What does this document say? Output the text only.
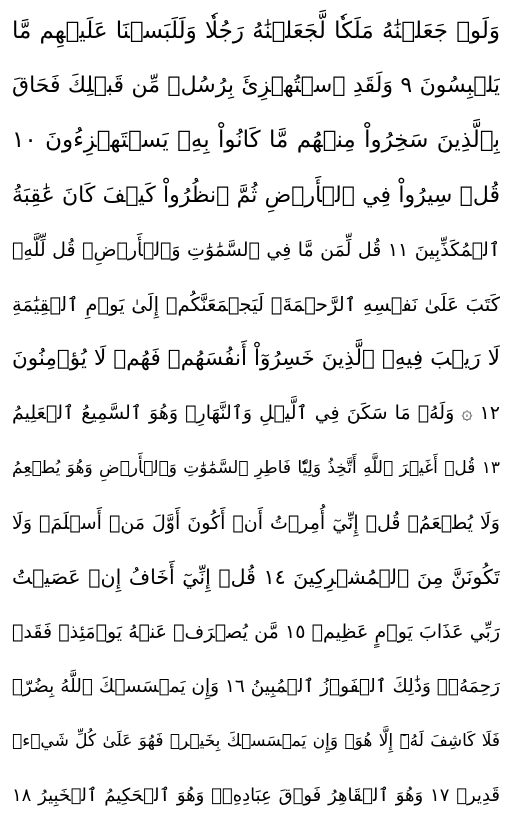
وَلَوۡ جَعَلۡنَٰهُ مَلَكٗا لَّجَعَلۡنَٰهُ رَجُلٗا وَلَلَبَسۡنَا عَلَيۡهِم مَّا
يَلۡبِسُونَ ٩ وَلَقَدِ ٱسۡتُهۡزِئَ بِرُسُلٖ مِّن قَبۡلِكَ فَحَاقَ
بِٱلَّذِينَ سَخِرُواْ مِنۡهُم مَّا كَانُواْ بِهِۦ يَسۡتَهۡزِءُونَ ١٠
قُلۡ سِيرُواْ فِي ٱلۡأَرۡضِ ثُمَّ ٱنظُرُواْ كَيۡفَ كَانَ عَٰقِبَةُ
ٱلۡمُكَذِّبِينَ ١١ قُل لِّمَن مَّا فِي ٱلسَّمَٰوَٰتِ وَٱلۡأَرۡضِۖ قُل لِّلَّهِۚ
كَتَبَ عَلَىٰ نَفۡسِهِ ٱلرَّحۡمَةَۚ لَيَجۡمَعَنَّكُمۡ إِلَىٰ يَوۡمِ ٱلۡقِيَٰمَةِ
لَا رَيۡبَ فِيهِۚ ٱلَّذِينَ خَسِرُوٓاْ أَنفُسَهُمۡ فَهُمۡ لَا يُؤۡمِنُونَ
١٢ ۞ وَلَهُۥ مَا سَكَنَ فِي ٱلَّيۡلِ وَٱلنَّهَارِۚ وَهُوَ ٱلسَّمِيعُ ٱلۡعَلِيمُ
١٣ قُلۡ أَغَيۡرَ ٱللَّهِ أَتَّخِذُ وَلِيّٗا فَاطِرِ ٱلسَّمَٰوَٰتِ وَٱلۡأَرۡضِ وَهُوَ يُطۡعِمُ
وَلَا يُطۡعَمُۗ قُلۡ إِنِّيٓ أُمِرۡتُ أَنۡ أَكُونَ أَوَّلَ مَنۡ أَسۡلَمَۖ وَلَا
تَكُونَنَّ مِنَ ٱلۡمُشۡرِكِينَ ١٤ قُلۡ إِنِّيٓ أَخَافُ إِنۡ عَصَيۡتُ
رَبِّي عَذَابَ يَوۡمٍ عَظِيمٖ ١٥ مَّن يُصۡرَفۡ عَنۡهُ يَوۡمَئِذٖ فَقَدۡ
رَحِمَهُۥۚ وَذَٰلِكَ ٱلۡفَوۡزُ ٱلۡمُبِينُ ١٦ وَإِن يَمۡسَسۡكَ ٱللَّهُ بِضُرّٖ
فَلَا كَاشِفَ لَهُۥٓ إِلَّا هُوَۖ وَإِن يَمۡسَسۡكَ بِخَيۡرٖ فَهُوَ عَلَىٰ كُلِّ شَيۡءٖ
قَدِيرٞ ١٧ وَهُوَ ٱلۡقَاهِرُ فَوۡقَ عِبَادِهِۦۚ وَهُوَ ٱلۡحَكِيمُ ٱلۡخَبِيرُ ١٨
